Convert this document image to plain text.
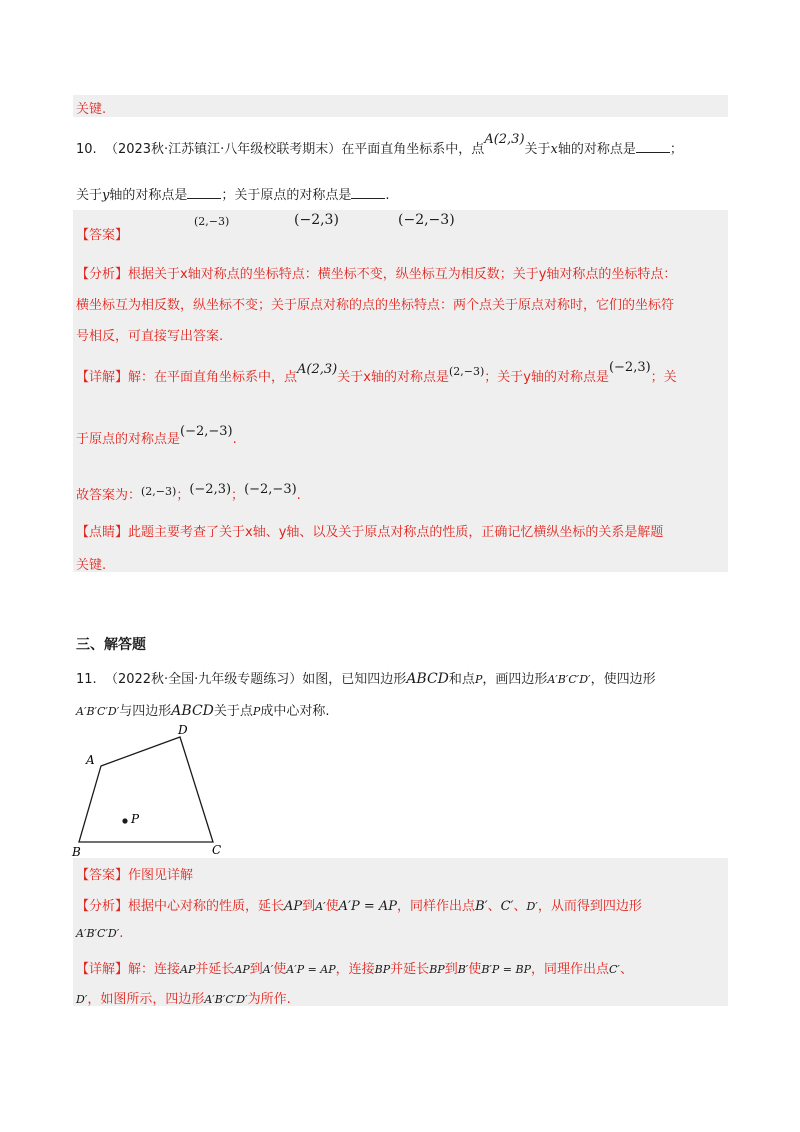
关键.
10. （2023秋·江苏镇江·八年级校联考期末）在平面直角坐标系中，点A(2,3)关于x轴的对称点是	；
关于y轴的对称点是	；关于原点的对称点是	.
【答案】
(2,−3)	(−2,3)	(−2,−3)
【分析】根据关于x轴对称点的坐标特点：横坐标不变，纵坐标互为相反数；关于y轴对称点的坐标特点：
横坐标互为相反数，纵坐标不变；关于原点对称的点的坐标特点：两个点关于原点对称时，它们的坐标符
号相反，可直接写出答案.
【详解】解：在平面直角坐标系中，点A(2,3)关于x轴的对称点是$^{(2,-3)}$；关于y轴的对称点是(−2,3)；关
于原点的对称点是(−2,−3).
故答案为：$^{(2,-3)}$；(−2,3)；(−2,−3).
【点睛】此题主要考查了关于x轴、y轴、以及关于原点对称点的性质，正确记忆横纵坐标的关系是解题
关键.
三、解答题
11. （2022秋·全国·九年级专题练习）如图，已知四边形ABCD和点P，画四边形A′B′C′D′，使四边形
A′B′C′D′与四边形ABCD关于点P成中心对称.
A
D
P
B	C
【答案】作图见详解
【分析】根据中心对称的性质，延长AP到A′使A′P = AP，同样作出点B′、C′、D′，从而得到四边形
A′B′C′D′.
【详解】解：连接AP并延长AP到A′使A′P = AP，连接BP并延长BP到B′使B′P = BP，同理作出点C′、
D′，如图所示，四边形A′B′C′D′为所作.
